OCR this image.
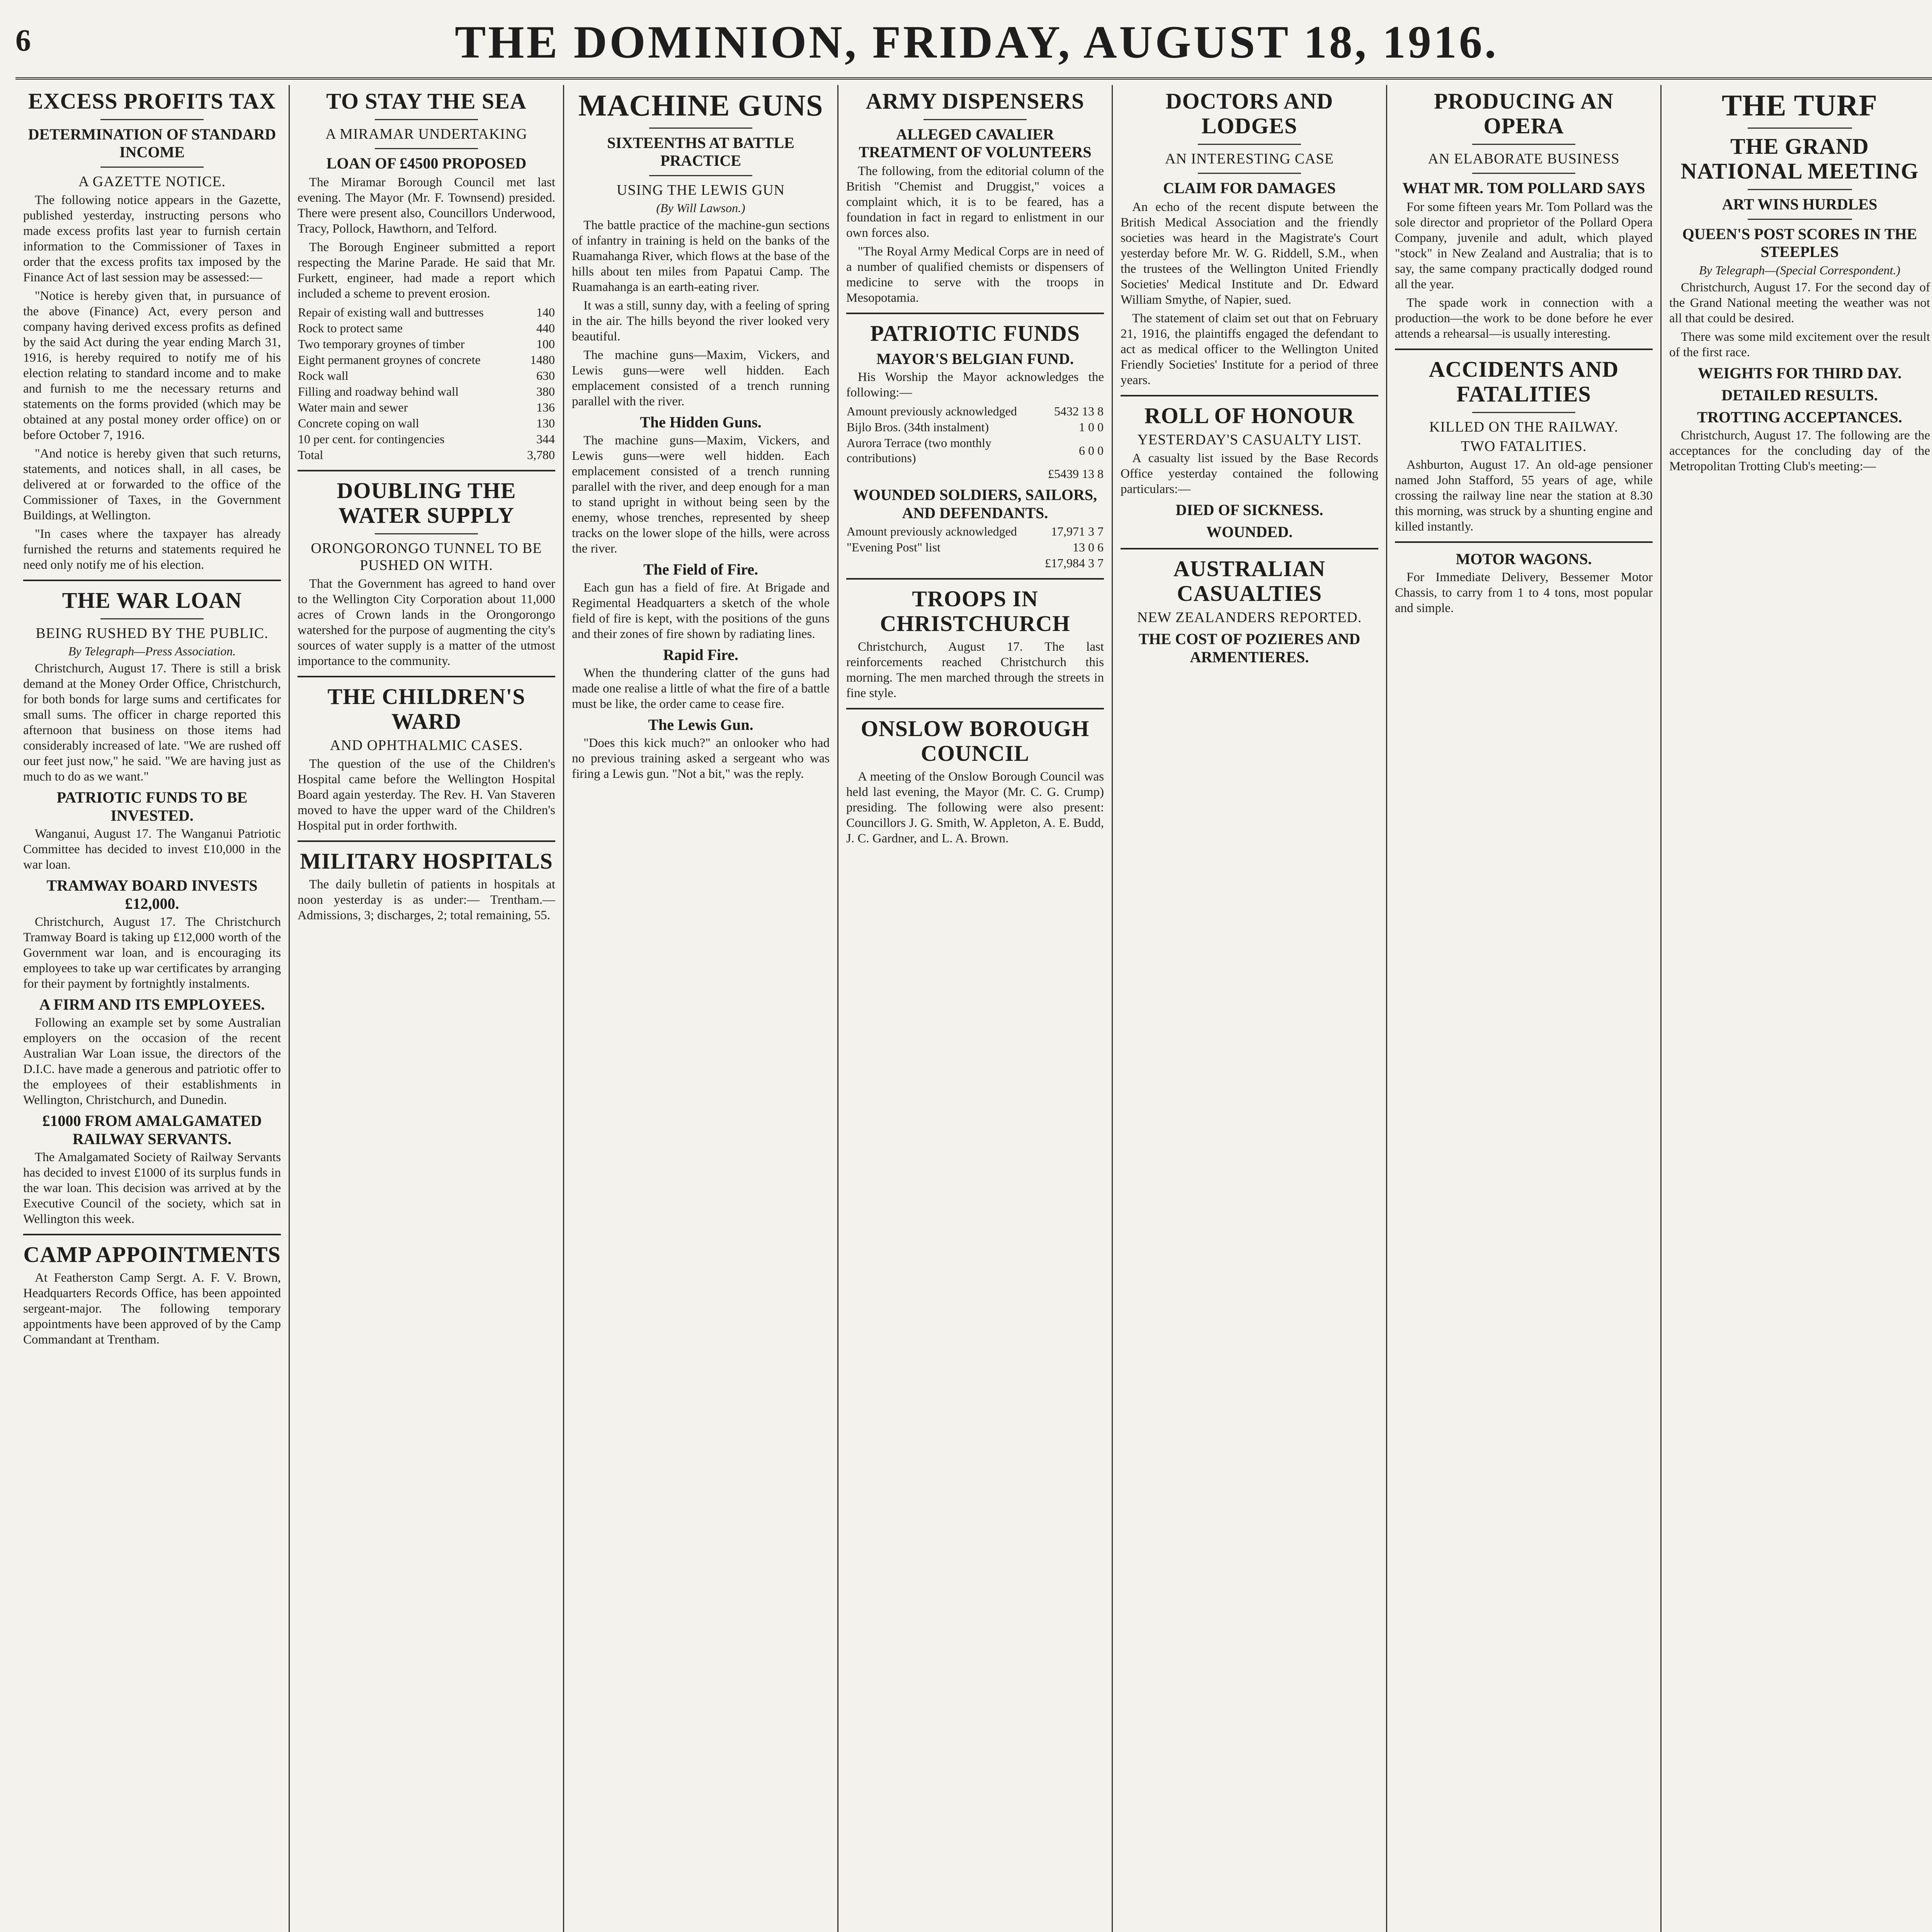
6	THE DOMINION, FRIDAY, AUGUST 18, 1916.
EXCESS PROFITS TAX
DETERMINATION OF STANDARD INCOME
A GAZETTE NOTICE.

The following notice appears in the Gazette, published yesterday, instructing persons who made excess profits last year to furnish certain information to the Commissioner of Taxes in order that the excess profits tax imposed by the Finance Act of last session may be assessed:—

"Notice is hereby given that, in pursuance of the above (Finance) Act, every person and company having derived excess profits as defined by the said Act during the year ending March 31, 1916, is hereby required to notify me of his election relating to standard income and to make and furnish to me the necessary returns and statements on the forms provided (which may be obtained at any postal money order office) on or before October 7, 1916.

"And notice is hereby given that such returns, statements, and notices shall, in all cases, be delivered at or forwarded to the office of the Commissioner of Taxes, in the Government Buildings, at Wellington.

"In cases where the taxpayer has already furnished the returns and statements required he need only notify me of his election.

THE WAR LOAN
BEING RUSHED BY THE PUBLIC.
By Telegraph—Press Association.

Christchurch, August 17. There is still a brisk demand at the Money Order Office, Christchurch, for both bonds for large sums and certificates for small sums. The officer in charge reported this afternoon that business on those items had considerably increased of late. "We are rushed off our feet just now," he said. "We are having just as much to do as we want."

PATRIOTIC FUNDS TO BE INVESTED.

Wanganui, August 17. The Wanganui Patriotic Committee has decided to invest £10,000 in the war loan.

TRAMWAY BOARD INVESTS £12,000.

Christchurch, August 17. The Christchurch Tramway Board is taking up £12,000 worth of the Government war loan, and is encouraging its employees to take up war certificates by arranging for their payment by fortnightly instalments.

A FIRM AND ITS EMPLOYEES.

Following an example set by some Australian employers on the occasion of the recent Australian War Loan issue, the directors of the D.I.C. have made a generous and patriotic offer to the employees of their establishments in Wellington, Christchurch, and Dunedin.

£1000 FROM AMALGAMATED RAILWAY SERVANTS.

The Amalgamated Society of Railway Servants has decided to invest £1000 of its surplus funds in the war loan. This decision was arrived at by the Executive Council of the society, which sat in Wellington this week.

CAMP APPOINTMENTS

At Featherston Camp Sergt. A. F. V. Brown, Headquarters Records Office, has been appointed sergeant-major. The following temporary appointments have been approved of by the Camp Commandant at Trentham.

TO STAY THE SEA
A MIRAMAR UNDERTAKING
LOAN OF £4500 PROPOSED

The Miramar Borough Council met last evening. The Mayor (Mr. F. Townsend) presided. There were present also, Councillors Underwood, Tracy, Pollock, Hawthorn, and Telford.

The Borough Engineer submitted a report respecting the Marine Parade. He said that Mr. Furkett, engineer, had made a report which included a scheme to prevent erosion.

Repair of existing wall and buttresses	140
Rock to protect same	440
Two temporary groynes of timber	100
Eight permanent groynes of concrete	1480
Rock wall	630
Filling and roadway behind wall	380
Water main and sewer	136
Concrete coping on wall	130
10 per cent. for contingencies	344
Total	3,780
DOUBLING THE WATER SUPPLY
ORONGORONGO TUNNEL TO BE PUSHED ON WITH.

That the Government has agreed to hand over to the Wellington City Corporation about 11,000 acres of Crown lands in the Orongorongo watershed for the purpose of augmenting the city's sources of water supply is a matter of the utmost importance to the community.

THE CHILDREN'S WARD
AND OPHTHALMIC CASES.

The question of the use of the Children's Hospital came before the Wellington Hospital Board again yesterday. The Rev. H. Van Staveren moved to have the upper ward of the Children's Hospital put in order forthwith.

MILITARY HOSPITALS

The daily bulletin of patients in hospitals at noon yesterday is as under:— Trentham.—Admissions, 3; discharges, 2; total remaining, 55.

MACHINE GUNS
SIXTEENTHS AT BATTLE PRACTICE
USING THE LEWIS GUN
(By Will Lawson.)

The battle practice of the machine-gun sections of infantry in training is held on the banks of the Ruamahanga River, which flows at the base of the hills about ten miles from Papatui Camp. The Ruamahanga is an earth-eating river.

It was a still, sunny day, with a feeling of spring in the air. The hills beyond the river looked very beautiful.

The machine guns—Maxim, Vickers, and Lewis guns—were well hidden. Each emplacement consisted of a trench running parallel with the river.

The Hidden Guns.

The machine guns—Maxim, Vickers, and Lewis guns—were well hidden. Each emplacement consisted of a trench running parallel with the river, and deep enough for a man to stand upright in without being seen by the enemy, whose trenches, represented by sheep tracks on the lower slope of the hills, were across the river.

The Field of Fire.

Each gun has a field of fire. At Brigade and Regimental Headquarters a sketch of the whole field of fire is kept, with the positions of the guns and their zones of fire shown by radiating lines.

Rapid Fire.

When the thundering clatter of the guns had made one realise a little of what the fire of a battle must be like, the order came to cease fire.

The Lewis Gun.

"Does this kick much?" an onlooker who had no previous training asked a sergeant who was firing a Lewis gun. "Not a bit," was the reply.

ARMY DISPENSERS
ALLEGED CAVALIER TREATMENT OF VOLUNTEERS

The following, from the editorial column of the British "Chemist and Druggist," voices a complaint which, it is to be feared, has a foundation in fact in regard to enlistment in our own forces also.

"The Royal Army Medical Corps are in need of a number of qualified chemists or dispensers of medicine to serve with the troops in Mesopotamia.

PATRIOTIC FUNDS
MAYOR'S BELGIAN FUND.

His Worship the Mayor acknowledges the following:—

Amount previously acknowledged	5432 13 8
Bijlo Bros. (34th instalment)	1 0 0
Aurora Terrace (two monthly contributions)	6 0 0
	£5439 13 8
WOUNDED SOLDIERS, SAILORS, AND DEFENDANTS.
Amount previously acknowledged	17,971 3 7
"Evening Post" list	13 0 6
	£17,984 3 7
TROOPS IN CHRISTCHURCH

Christchurch, August 17. The last reinforcements reached Christchurch this morning. The men marched through the streets in fine style.

ONSLOW BOROUGH COUNCIL

A meeting of the Onslow Borough Council was held last evening, the Mayor (Mr. C. G. Crump) presiding. The following were also present: Councillors J. G. Smith, W. Appleton, A. E. Budd, J. C. Gardner, and L. A. Brown.

DOCTORS AND LODGES
AN INTERESTING CASE
CLAIM FOR DAMAGES

An echo of the recent dispute between the British Medical Association and the friendly societies was heard in the Magistrate's Court yesterday before Mr. W. G. Riddell, S.M., when the trustees of the Wellington United Friendly Societies' Medical Institute and Dr. Edward William Smythe, of Napier, sued.

The statement of claim set out that on February 21, 1916, the plaintiffs engaged the defendant to act as medical officer to the Wellington United Friendly Societies' Institute for a period of three years.

ROLL OF HONOUR
YESTERDAY'S CASUALTY LIST.

A casualty list issued by the Base Records Office yesterday contained the following particulars:—

DIED OF SICKNESS.
WOUNDED.
AUSTRALIAN CASUALTIES
NEW ZEALANDERS REPORTED.
THE COST OF POZIERES AND ARMENTIERES.
PRODUCING AN OPERA
AN ELABORATE BUSINESS
WHAT MR. TOM POLLARD SAYS

For some fifteen years Mr. Tom Pollard was the sole director and proprietor of the Pollard Opera Company, juvenile and adult, which played "stock" in New Zealand and Australia; that is to say, the same company practically dodged round all the year.

The spade work in connection with a production—the work to be done before he ever attends a rehearsal—is usually interesting.

ACCIDENTS AND FATALITIES
KILLED ON THE RAILWAY.
TWO FATALITIES.

Ashburton, August 17. An old-age pensioner named John Stafford, 55 years of age, while crossing the railway line near the station at 8.30 this morning, was struck by a shunting engine and killed instantly.

MOTOR WAGONS.

For Immediate Delivery, Bessemer Motor Chassis, to carry from 1 to 4 tons, most popular and simple.

THE TURF
THE GRAND NATIONAL MEETING
ART WINS HURDLES
QUEEN'S POST SCORES IN THE STEEPLES
By Telegraph—(Special Correspondent.)

Christchurch, August 17. For the second day of the Grand National meeting the weather was not all that could be desired.

There was some mild excitement over the result of the first race.

WEIGHTS FOR THIRD DAY.
DETAILED RESULTS.
TROTTING ACCEPTANCES.

Christchurch, August 17. The following are the acceptances for the concluding day of the Metropolitan Trotting Club's meeting:—
